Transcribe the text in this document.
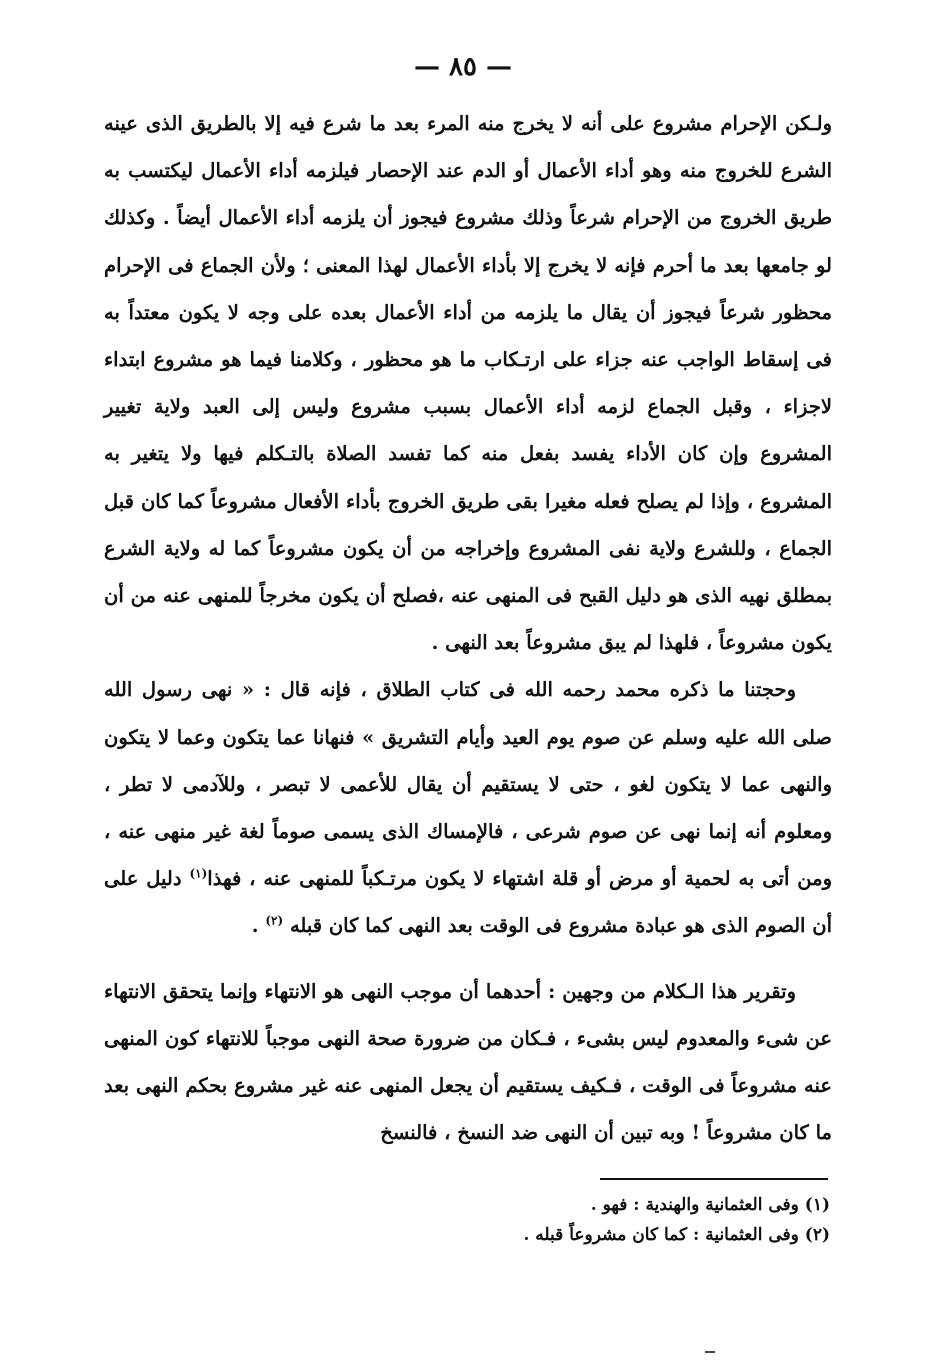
— ٨٥ —

ولـكن الإحرام مشروع على أنه لا يخرج منه المرء بعد ما شرع فيه إلا بالطريق الذى عينه الشرع للخروج منه وهو أداء الأعمال أو الدم عند الإحصار فيلزمه أداء الأعمال ليكتسب به طريق الخروج من الإحرام شرعاً وذلك مشروع فيجوز أن يلزمه أداء الأعمال أيضاً . وكذلك لو جامعها بعد ما أحرم فإنه لا يخرج إلا بأداء الأعمال لهذا المعنى ؛ ولأن الجماع فى الإحرام محظور شرعاً فيجوز أن يقال ما يلزمه من أداء الأعمال بعده على وجه لا يكون معتداً به فى إسقاط الواجب عنه جزاء على ارتـكاب ما هو محظور ، وكلامنا فيما هو مشروع ابتداء لاجزاء ، وقبل الجماع لزمه أداء الأعمال بسبب مشروع وليس إلى العبد ولاية تغيير المشروع وإن كان الأداء يفسد بفعل منه كما تفسد الصلاة بالتـكلم فيها ولا يتغير به المشروع ، وإذا لم يصلح فعله مغيرا بقى طريق الخروج بأداء الأفعال مشروعاً كما كان قبل الجماع ، وللشرع ولاية نفى المشروع وإخراجه من أن يكون مشروعاً كما له ولاية الشرع بمطلق نهيه الذى هو دليل القبح فى المنهى عنه ،فصلح أن يكون مخرجاً للمنهى عنه من أن يكون مشروعاً ، فلهذا لم يبق مشروعاً بعد النهى .

وحجتنا ما ذكره محمد رحمه الله فى كتاب الطلاق ، فإنه قال : « نهى رسول الله صلى الله عليه وسلم عن صوم يوم العيد وأيام التشريق » فنهانا عما يتكون وعما لا يتكون والنهى عما لا يتكون لغو ، حتى لا يستقيم أن يقال للأعمى لا تبصر ، وللآدمى لا تطر ، ومعلوم أنه إنما نهى عن صوم شرعى ، فالإمساك الذى يسمى صوماً لغة غير منهى عنه ، ومن أتى به لحمية أو مرض أو قلة اشتهاء لا يكون مرتـكباً للمنهى عنه ، فهذا$^{(١)}$ دليل على أن الصوم الذى هو عبادة مشروع فى الوقت بعد النهى كما كان قبله $^{(٢)}$ .

وتقرير هذا الـكلام من وجهين : أحدهما أن موجب النهى هو الانتهاء وإنما يتحقق الانتهاء عن شىء والمعدوم ليس بشىء ، فـكان من ضرورة صحة النهى موجباً للانتهاء كون المنهى عنه مشروعاً فى الوقت ، فـكيف يستقيم أن يجعل المنهى عنه غير مشروع بحكم النهى بعد ما كان مشروعاً ! وبه تبين أن النهى ضد النسخ ، فالنسخ

(١) وفى العثمانية والهندية : فهو .
(٢) وفى العثمانية : كما كان مشروعاً قبله .
